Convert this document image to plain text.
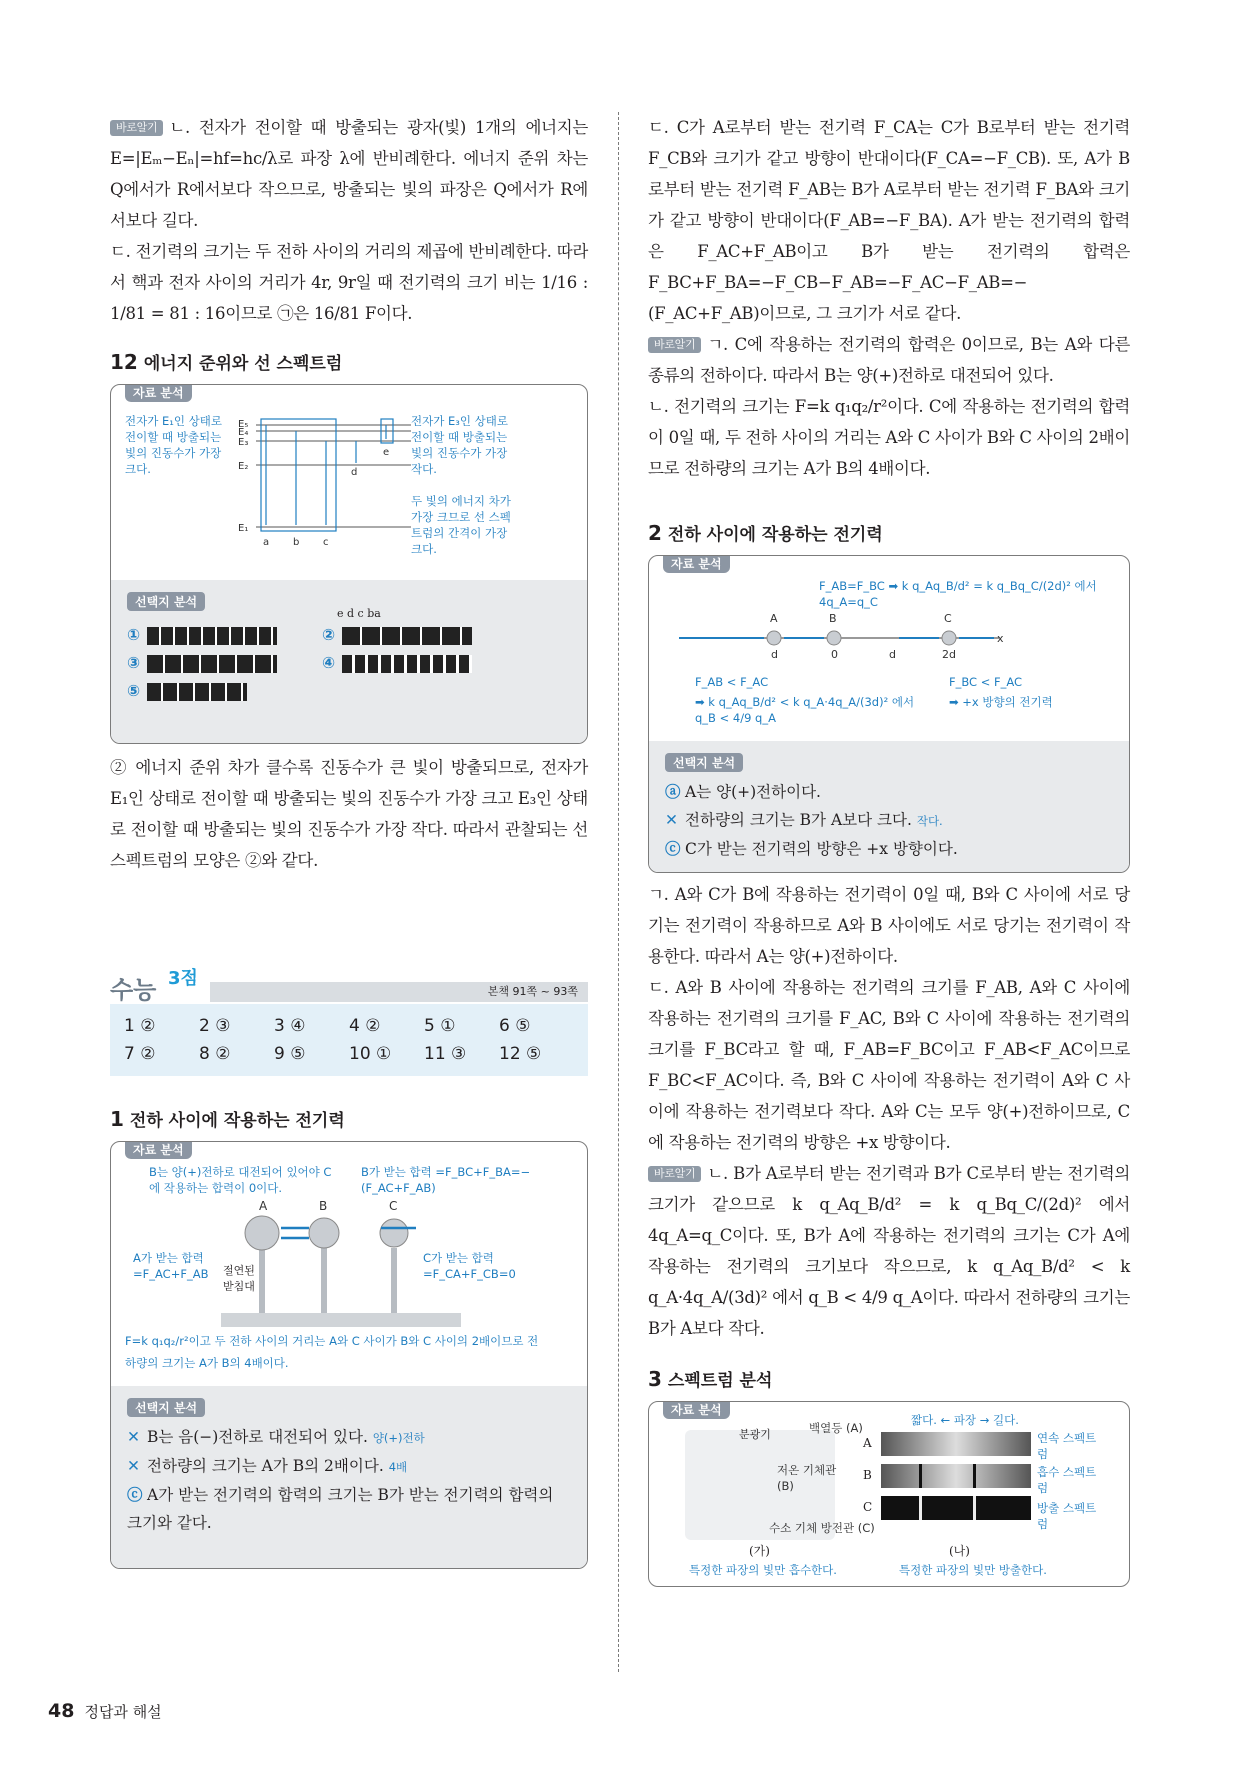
바로알기 ㄴ. 전자가 전이할 때 방출되는 광자(빛) 1개의 에너지는 E=|Eₘ−Eₙ|=hf=hc/λ로 파장 λ에 반비례한다. 에너지 준위 차는 Q에서가 R에서보다 작으므로, 방출되는 빛의 파장은 Q에서가 R에서보다 길다.

ㄷ. 전기력의 크기는 두 전하 사이의 거리의 제곱에 반비례한다. 따라서 핵과 전자 사이의 거리가 4r, 9r일 때 전기력의 크기 비는 1/16 : 1/81 = 81 : 16이므로 ㉠은 16/81 F이다.

12 에너지 준위와 선 스펙트럼
자료 분석
전자가 E₁인 상태로 전이할 때 방출되는 빛의 진동수가 가장 크다.
전자가 E₃인 상태로 전이할 때 방출되는 빛의 진동수가 가장 작다.
두 빛의 에너지 차가 가장 크므로 선 스펙트럼의 간격이 가장 크다.
E₅
E₄
E₃
E₂
E₁
a b c
d
e
선택지 분석
①
③
⑤
e d c ba
②
④

② 에너지 준위 차가 클수록 진동수가 큰 빛이 방출되므로, 전자가 E₁인 상태로 전이할 때 방출되는 빛의 진동수가 가장 크고 E₃인 상태로 전이할 때 방출되는 빛의 진동수가 가장 작다. 따라서 관찰되는 선 스펙트럼의 모양은 ②와 같다.

수능 3점
본책 91쪽 ~ 93쪽
1 ②	2 ③	3 ④	4 ②	5 ①	6 ⑤
7 ②	8 ②	9 ⑤	10 ①	11 ③	12 ⑤
1 전하 사이에 작용하는 전기력
자료 분석
B는 양(+)전하로 대전되어 있어야 C에 작용하는 합력이 0이다.
B가 받는 합력 =F_BC+F_BA=−(F_AC+F_AB)
A	B	C
A가 받는 합력 =F_AC+F_AB	절연된 받침대
C가 받는 합력 =F_CA+F_CB=0
F=k q₁q₂/r²이고 두 전하 사이의 거리는 A와 C 사이가 B와 C 사이의 2배이므로 전하량의 크기는 A가 B의 4배이다.
선택지 분석
✕ B는 음(−)전하로 대전되어 있다. 양(+)전하
✕ 전하량의 크기는 A가 B의 2배이다. 4배
ⓒ A가 받는 전기력의 합력의 크기는 B가 받는 전기력의 합력의 크기와 같다.

ㄷ. C가 A로부터 받는 전기력 F_CA는 C가 B로부터 받는 전기력 F_CB와 크기가 같고 방향이 반대이다(F_CA=−F_CB). 또, A가 B로부터 받는 전기력 F_AB는 B가 A로부터 받는 전기력 F_BA와 크기가 같고 방향이 반대이다(F_AB=−F_BA). A가 받는 전기력의 합력은 F_AC+F_AB이고 B가 받는 전기력의 합력은 F_BC+F_BA=−F_CB−F_AB=−F_AC−F_AB=−(F_AC+F_AB)이므로, 그 크기가 서로 같다.

바로알기 ㄱ. C에 작용하는 전기력의 합력은 0이므로, B는 A와 다른 종류의 전하이다. 따라서 B는 양(+)전하로 대전되어 있다.

ㄴ. 전기력의 크기는 F=k q₁q₂/r²이다. C에 작용하는 전기력의 합력이 0일 때, 두 전하 사이의 거리는 A와 C 사이가 B와 C 사이의 2배이므로 전하량의 크기는 A가 B의 4배이다.

2 전하 사이에 작용하는 전기력
자료 분석
F_AB=F_BC ➡ k q_Aq_B/d² = k q_Bq_C/(2d)² 에서 4q_A=q_C
A	B	C
d	0	d	2d
x
F_AB < F_AC
➡ k q_Aq_B/d² < k q_A·4q_A/(3d)² 에서 q_B < 4/9 q_A
F_BC < F_AC
➡ +x 방향의 전기력
선택지 분석
ⓐ A는 양(+)전하이다.
✕ 전하량의 크기는 B가 A보다 크다. 작다.
ⓒ C가 받는 전기력의 방향은 +x 방향이다.

ㄱ. A와 C가 B에 작용하는 전기력이 0일 때, B와 C 사이에 서로 당기는 전기력이 작용하므로 A와 B 사이에도 서로 당기는 전기력이 작용한다. 따라서 A는 양(+)전하이다.

ㄷ. A와 B 사이에 작용하는 전기력의 크기를 F_AB, A와 C 사이에 작용하는 전기력의 크기를 F_AC, B와 C 사이에 작용하는 전기력의 크기를 F_BC라고 할 때, F_AB=F_BC이고 F_AB<F_AC이므로 F_BC<F_AC이다. 즉, B와 C 사이에 작용하는 전기력이 A와 C 사이에 작용하는 전기력보다 작다. A와 C는 모두 양(+)전하이므로, C에 작용하는 전기력의 방향은 +x 방향이다.

바로알기 ㄴ. B가 A로부터 받는 전기력과 B가 C로부터 받는 전기력의 크기가 같으므로 k q_Aq_B/d² = k q_Bq_C/(2d)² 에서 4q_A=q_C이다. 또, B가 A에 작용하는 전기력의 크기는 C가 A에 작용하는 전기력의 크기보다 작으므로, k q_Aq_B/d² < k q_A·4q_A/(3d)² 에서 q_B < 4/9 q_A이다. 따라서 전하량의 크기는 B가 A보다 작다.

3 스펙트럼 분석
자료 분석
분광기	백열등 (A)
저온 기체관 (B)
수소 기체 방전관 (C)
짧다. ← 파장 → 길다.
A
B
C
연속 스펙트럼
흡수 스펙트럼
방출 스펙트럼
(가)	(나)
특정한 파장의 빛만 흡수한다.	특정한 파장의 빛만 방출한다.
48 정답과 해설
